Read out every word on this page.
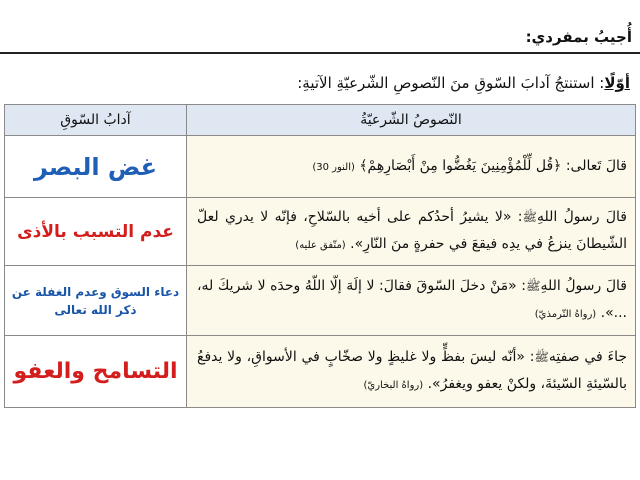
أُجيبُ بمفردي:
أوّلًا: استنتجُ آدابَ السّوقِ منَ النّصوصِ الشّرعيّةِ الآتيةِ:
النّصوصُ الشّرعيّةُ	آدابُ السّوقِ
قالَ تَعالى: ﴿قُل لِّلْمُؤْمِنِينَ يَغُضُّوا مِنْ أَبْصَارِهِمْ﴾ (النور 30)	غض البصر
قالَ رسولُ اللهِﷺ: «لا يشيرُ أحدُكم على أخيه بالسّلاحِ، فإنّه لا يدري لعلّ الشّيطانَ ينزعُ في يدِه فيقعَ في حفرةٍ منَ النّارِ». (متّفق عليه)	عدم التسبب بالأذى
قالَ رسولُ اللهِﷺ: «مَنْ دخلَ السّوقَ فقالَ: لا إلَهَ إلّا اللّهُ وحدَه لا شريكَ له، ...». (رواهُ التّرمذيّ)	دعاء السوق وعدم الغفلة عن ذكر الله تعالى
جاءَ في صفتِهﷺ: «أنّه ليسَ بفظٍّ ولا غليظٍ ولا صخّابٍ في الأسواقِ، ولا يدفعُ بالسّيئةِ السّيئةَ، ولكنْ يعفو ويغفرُ». (رواهُ البخاريّ)	التسامح والعفو
